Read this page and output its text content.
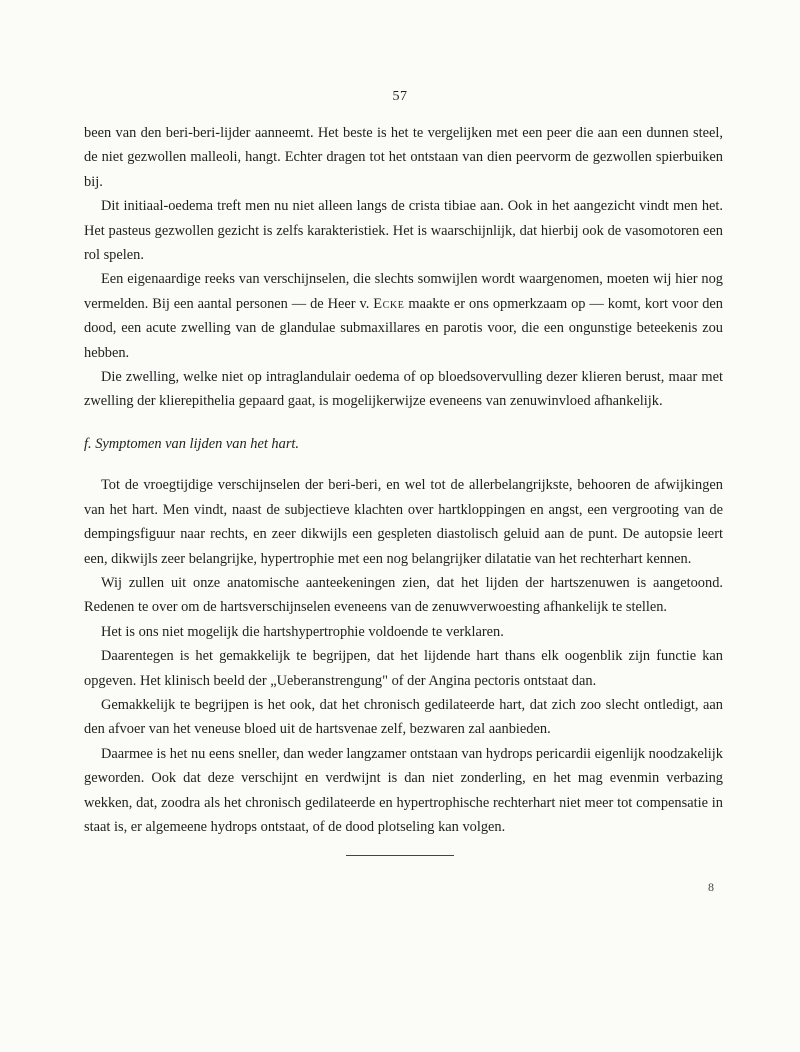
57

been van den beri-beri-lijder aanneemt. Het beste is het te vergelijken met een peer die aan een dunnen steel, de niet gezwollen malleoli, hangt. Echter dragen tot het ontstaan van dien peervorm de gezwollen spierbuiken bij.

Dit initiaal-oedema treft men nu niet alleen langs de crista tibiae aan. Ook in het aangezicht vindt men het. Het pasteus gezwollen gezicht is zelfs karakteristiek. Het is waarschijnlijk, dat hierbij ook de vasomotoren een rol spelen.

Een eigenaardige reeks van verschijnselen, die slechts somwijlen wordt waargenomen, moeten wij hier nog vermelden. Bij een aantal personen — de Heer v. Ecke maakte er ons opmerkzaam op — komt, kort voor den dood, een acute zwelling van de glandulae submaxillares en parotis voor, die een ongunstige beteekenis zou hebben.

Die zwelling, welke niet op intraglandulair oedema of op bloedsovervulling dezer klieren berust, maar met zwelling der klierepithelia gepaard gaat, is mogelijkerwijze eveneens van zenuwinvloed afhankelijk.

f. Symptomen van lijden van het hart.

Tot de vroegtijdige verschijnselen der beri-beri, en wel tot de allerbelangrijkste, behooren de afwijkingen van het hart. Men vindt, naast de subjectieve klachten over hartkloppingen en angst, een vergrooting van de dempingsfiguur naar rechts, en zeer dikwijls een gespleten diastolisch geluid aan de punt. De autopsie leert een, dikwijls zeer belangrijke, hypertrophie met een nog belangrijker dilatatie van het rechterhart kennen.

Wij zullen uit onze anatomische aanteekeningen zien, dat het lijden der hartszenuwen is aangetoond. Redenen te over om de hartsverschijnselen eveneens van de zenuwverwoesting afhankelijk te stellen.

Het is ons niet mogelijk die hartshypertrophie voldoende te verklaren.

Daarentegen is het gemakkelijk te begrijpen, dat het lijdende hart thans elk oogenblik zijn functie kan opgeven. Het klinisch beeld der „Ueberanstrengung" of der Angina pectoris ontstaat dan.

Gemakkelijk te begrijpen is het ook, dat het chronisch gedilateerde hart, dat zich zoo slecht ontledigt, aan den afvoer van het veneuse bloed uit de hartsvenae zelf, bezwaren zal aanbieden.

Daarmee is het nu eens sneller, dan weder langzamer ontstaan van hydrops pericardii eigenlijk noodzakelijk geworden. Ook dat deze verschijnt en verdwijnt is dan niet zonderling, en het mag evenmin verbazing wekken, dat, zoodra als het chronisch gedilateerde en hypertrophische rechterhart niet meer tot compensatie in staat is, er algemeene hydrops ontstaat, of de dood plotseling kan volgen.

8
